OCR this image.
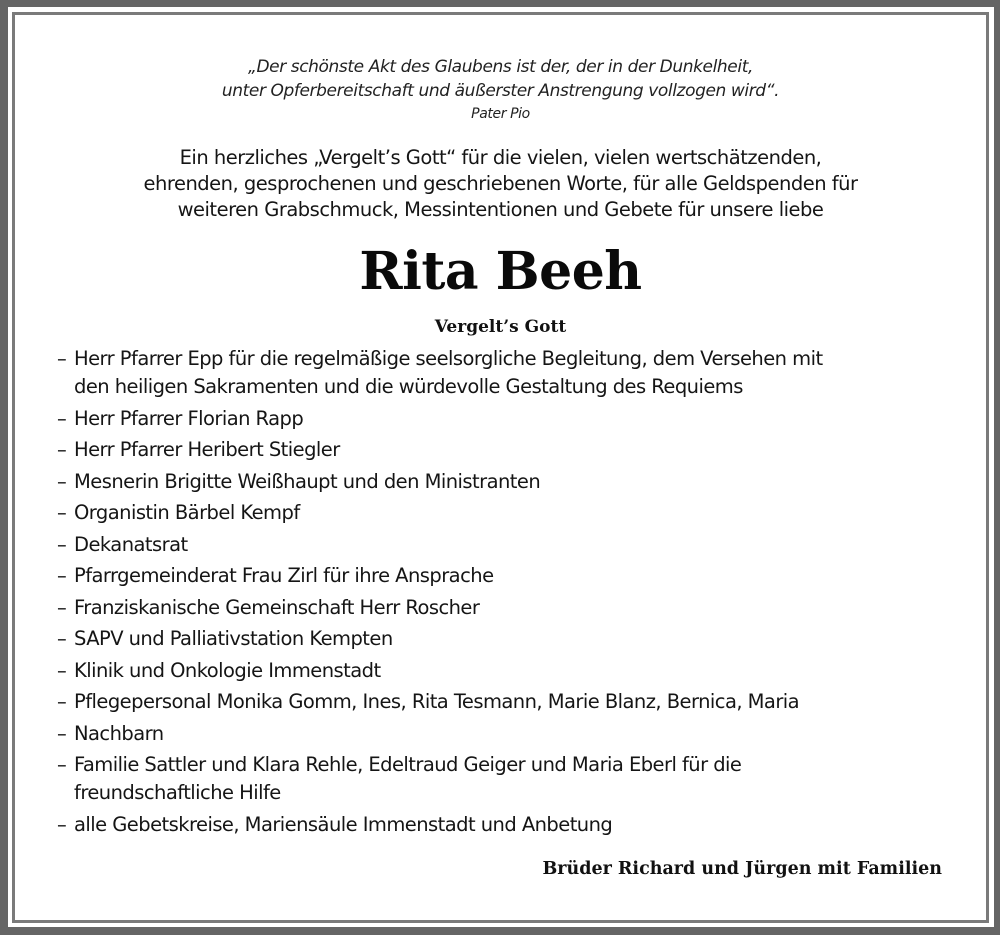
„Der schönste Akt des Glaubens ist der, der in der Dunkelheit,
unter Opferbereitschaft und äußerster Anstrengung vollzogen wird“.
Pater Pio
Ein herzliches „Vergelt’s Gott“ für die vielen, vielen wertschätzenden,
ehrenden, gesprochenen und geschriebenen Worte, für alle Geldspenden für
weiteren Grabschmuck, Messintentionen und Gebete für unsere liebe
Rita Beeh
Vergelt’s Gott
– Herr Pfarrer Epp für die regelmäßige seelsorgliche Begleitung, dem Versehen mit
den heiligen Sakramenten und die würdevolle Gestaltung des Requiems
– Herr Pfarrer Florian Rapp
– Herr Pfarrer Heribert Stiegler
– Mesnerin Brigitte Weißhaupt und den Ministranten
– Organistin Bärbel Kempf
– Dekanatsrat
– Pfarrgemeinderat Frau Zirl für ihre Ansprache
– Franziskanische Gemeinschaft Herr Roscher
– SAPV und Palliativstation Kempten
– Klinik und Onkologie Immenstadt
– Pflegepersonal Monika Gomm, Ines, Rita Tesmann, Marie Blanz, Bernica, Maria
– Nachbarn
– Familie Sattler und Klara Rehle, Edeltraud Geiger und Maria Eberl für die
freundschaftliche Hilfe
– alle Gebetskreise, Mariensäule Immenstadt und Anbetung
Brüder Richard und Jürgen mit Familien
